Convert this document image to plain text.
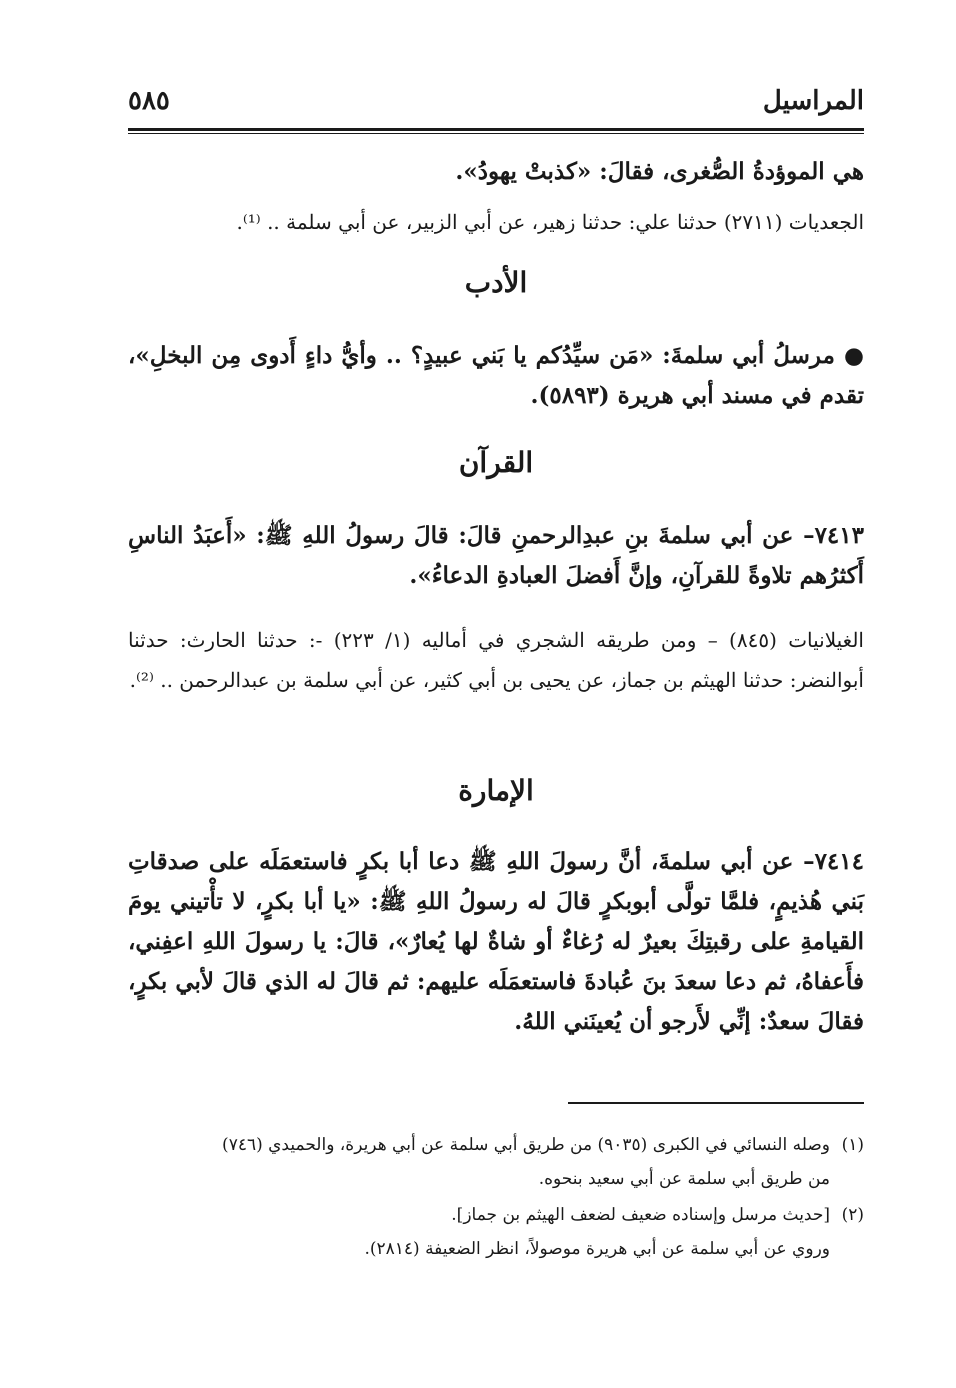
المراسيل
٥٨٥
هي الموؤدةُ الصُّغرى، فقالَ: «كذبتْ يهودُ».
الجعديات (٢٧١١) حدثنا علي: حدثنا زهير، عن أبي الزبير، عن أبي سلمة .. ⁽¹⁾.
الأدب
● مرسلُ أبي سلمةَ: «مَن سيِّدُكم يا بَني عبيدٍ؟ .. وأيُّ داءٍ أَدوى مِن البخلِ»، تقدم في مسند أبي هريرة (٥٨٩٣).
القرآن
٧٤١٣– عن أبي سلمةَ بنِ عبدِالرحمنِ قالَ: قالَ رسولُ اللهِ ﷺ: «أَعبَدُ الناسِ أَكثرُهم تلاوةً للقرآنِ، وإنَّ أَفضلَ العبادةِ الدعاءُ».
الغيلانيات (٨٤٥) – ومن طريقه الشجري في أماليه (١/ ٢٢٣) -: حدثنا الحارث: حدثنا أبوالنضر: حدثنا الهيثم بن جماز، عن يحيى بن أبي كثير، عن أبي سلمة بن عبدالرحمن .. ⁽²⁾.
الإمارة
٧٤١٤– عن أبي سلمةَ، أنَّ رسولَ اللهِ ﷺ دعا أبا بكرٍ فاستعمَلَه على صدقاتِ بَني هُذيمٍ، فلمَّا تولَّى أبوبكرٍ قالَ له رسولُ اللهِ ﷺ: «يا أبا بكرٍ، لا تأْتيني يومَ القيامةِ على رقبتِكَ بعيرٌ له رُغاءٌ أو شاةٌ لها يُعارٌ»، قالَ: يا رسولَ اللهِ اعفِني، فأَعفاهُ، ثم دعا سعدَ بنَ عُبادةَ فاستعمَلَه عليهم: ثم قالَ له الذي قالَ لأبي بكرٍ، فقالَ سعدٌ: إنِّي لأَرجو أن يُعينَني اللهُ.
(١)وصله النسائي في الكبرى (٩٠٣٥) من طريق أبي سلمة عن أبي هريرة، والحميدي (٧٤٦)
من طريق أبي سلمة عن أبي سعيد بنحوه.
(٢)[حديث مرسل وإسناده ضعيف لضعف الهيثم بن جماز].
وروي عن أبي سلمة عن أبي هريرة موصولاً، انظر الضعيفة (٢٨١٤).
